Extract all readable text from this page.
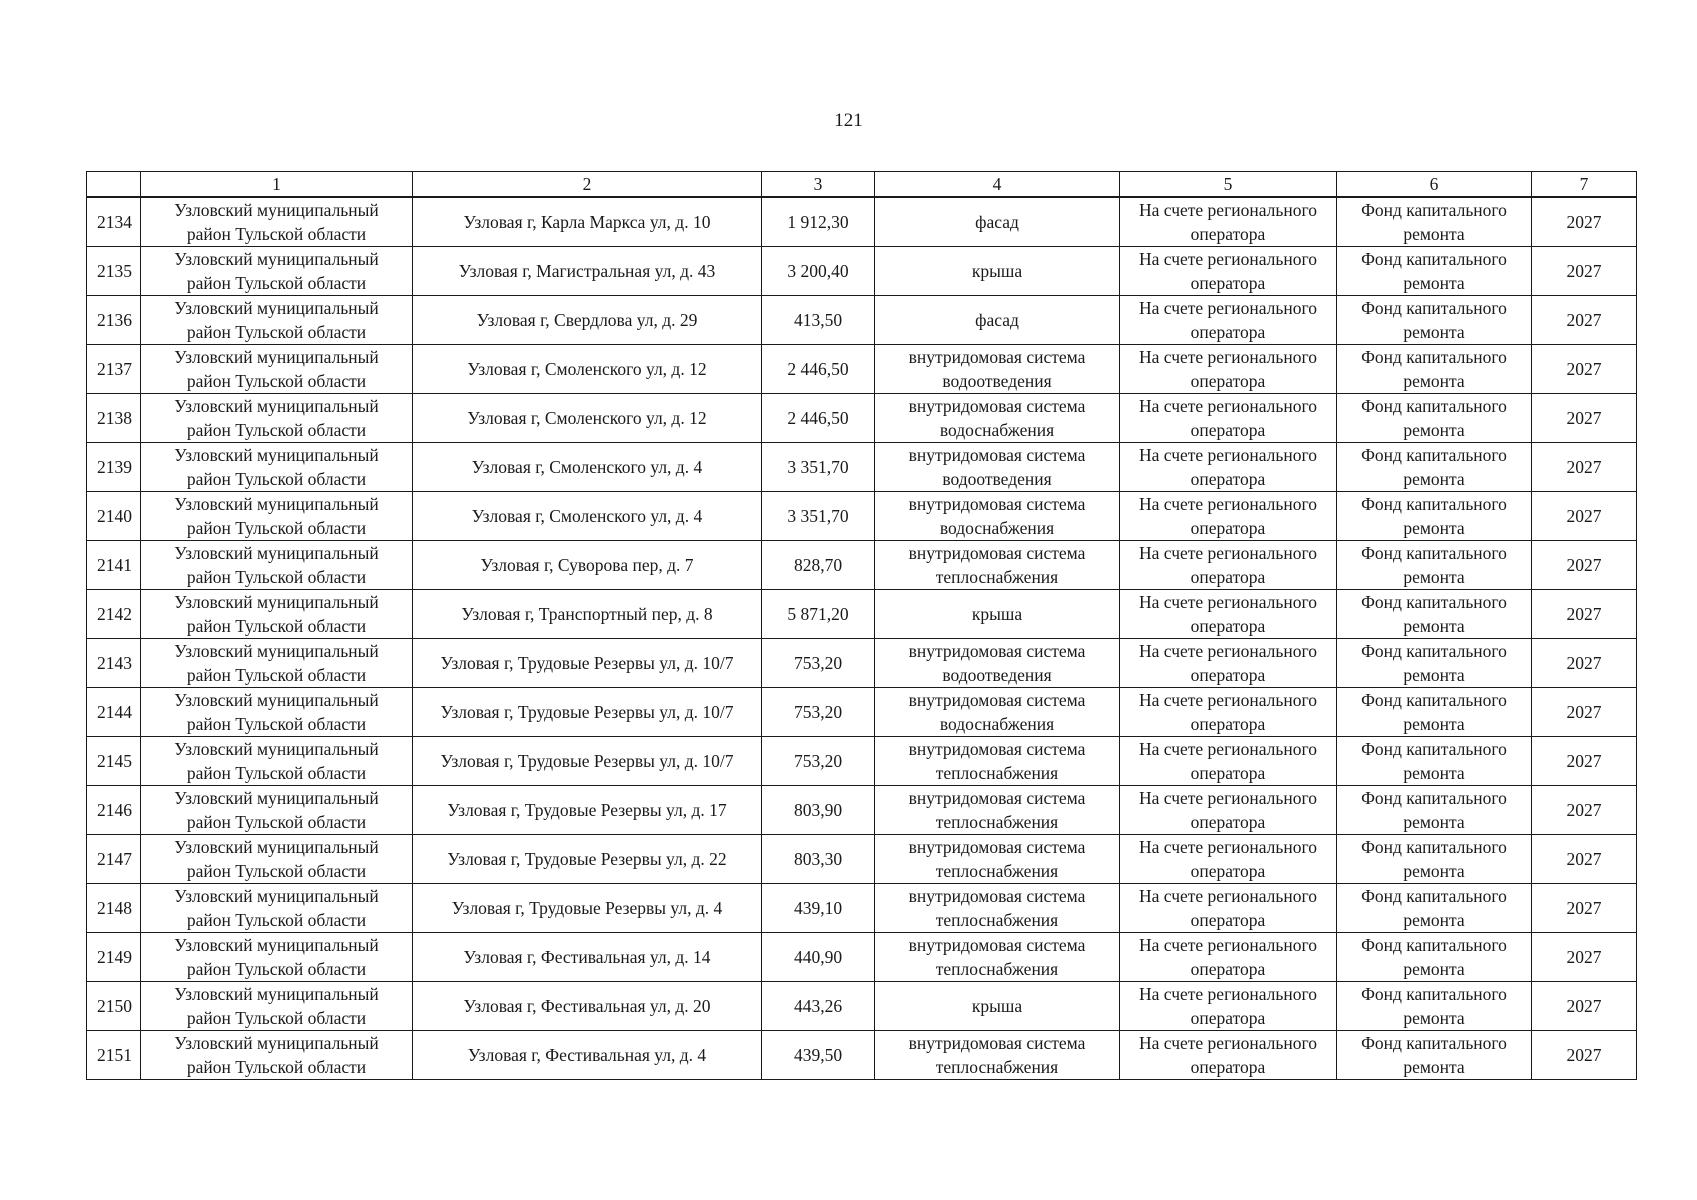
121
	1	2	3	4	5	6	7
2134	Узловский муниципальный
район Тульской области	Узловая г, Карла Маркса ул, д. 10	1 912,30	фасад	На счете регионального
оператора	Фонд капитального
ремонта	2027
2135	Узловский муниципальный
район Тульской области	Узловая г, Магистральная ул, д. 43	3 200,40	крыша	На счете регионального
оператора	Фонд капитального
ремонта	2027
2136	Узловский муниципальный
район Тульской области	Узловая г, Свердлова ул, д. 29	413,50	фасад	На счете регионального
оператора	Фонд капитального
ремонта	2027
2137	Узловский муниципальный
район Тульской области	Узловая г, Смоленского ул, д. 12	2 446,50	внутридомовая система
водоотведения	На счете регионального
оператора	Фонд капитального
ремонта	2027
2138	Узловский муниципальный
район Тульской области	Узловая г, Смоленского ул, д. 12	2 446,50	внутридомовая система
водоснабжения	На счете регионального
оператора	Фонд капитального
ремонта	2027
2139	Узловский муниципальный
район Тульской области	Узловая г, Смоленского ул, д. 4	3 351,70	внутридомовая система
водоотведения	На счете регионального
оператора	Фонд капитального
ремонта	2027
2140	Узловский муниципальный
район Тульской области	Узловая г, Смоленского ул, д. 4	3 351,70	внутридомовая система
водоснабжения	На счете регионального
оператора	Фонд капитального
ремонта	2027
2141	Узловский муниципальный
район Тульской области	Узловая г, Суворова пер, д. 7	828,70	внутридомовая система
теплоснабжения	На счете регионального
оператора	Фонд капитального
ремонта	2027
2142	Узловский муниципальный
район Тульской области	Узловая г, Транспортный пер, д. 8	5 871,20	крыша	На счете регионального
оператора	Фонд капитального
ремонта	2027
2143	Узловский муниципальный
район Тульской области	Узловая г, Трудовые Резервы ул, д. 10/7	753,20	внутридомовая система
водоотведения	На счете регионального
оператора	Фонд капитального
ремонта	2027
2144	Узловский муниципальный
район Тульской области	Узловая г, Трудовые Резервы ул, д. 10/7	753,20	внутридомовая система
водоснабжения	На счете регионального
оператора	Фонд капитального
ремонта	2027
2145	Узловский муниципальный
район Тульской области	Узловая г, Трудовые Резервы ул, д. 10/7	753,20	внутридомовая система
теплоснабжения	На счете регионального
оператора	Фонд капитального
ремонта	2027
2146	Узловский муниципальный
район Тульской области	Узловая г, Трудовые Резервы ул, д. 17	803,90	внутридомовая система
теплоснабжения	На счете регионального
оператора	Фонд капитального
ремонта	2027
2147	Узловский муниципальный
район Тульской области	Узловая г, Трудовые Резервы ул, д. 22	803,30	внутридомовая система
теплоснабжения	На счете регионального
оператора	Фонд капитального
ремонта	2027
2148	Узловский муниципальный
район Тульской области	Узловая г, Трудовые Резервы ул, д. 4	439,10	внутридомовая система
теплоснабжения	На счете регионального
оператора	Фонд капитального
ремонта	2027
2149	Узловский муниципальный
район Тульской области	Узловая г, Фестивальная ул, д. 14	440,90	внутридомовая система
теплоснабжения	На счете регионального
оператора	Фонд капитального
ремонта	2027
2150	Узловский муниципальный
район Тульской области	Узловая г, Фестивальная ул, д. 20	443,26	крыша	На счете регионального
оператора	Фонд капитального
ремонта	2027
2151	Узловский муниципальный
район Тульской области	Узловая г, Фестивальная ул, д. 4	439,50	внутридомовая система
теплоснабжения	На счете регионального
оператора	Фонд капитального
ремонта	2027
